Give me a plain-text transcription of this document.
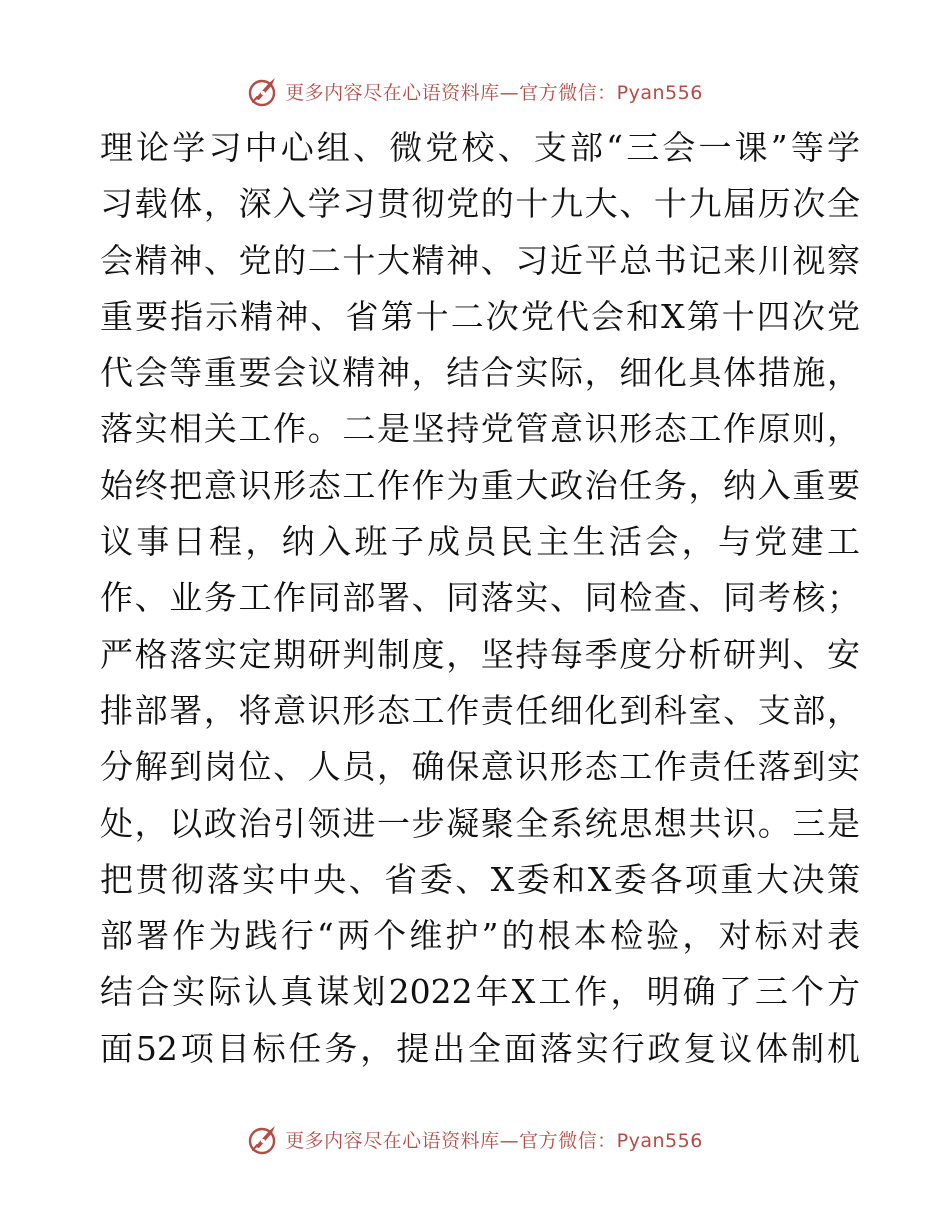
更多内容尽在心语资料库—官方微信：Pyan556
理论学习中心组、微党校、支部“三会一课”等学
习载体，深入学习贯彻党的十九大、十九届历次全
会精神、党的二十大精神、习近平总书记来川视察
重要指示精神、省第十二次党代会和X第十四次党
代会等重要会议精神，结合实际，细化具体措施，
落实相关工作。二是坚持党管意识形态工作原则，
始终把意识形态工作作为重大政治任务，纳入重要
议事日程，纳入班子成员民主生活会，与党建工
作、业务工作同部署、同落实、同检查、同考核；
严格落实定期研判制度，坚持每季度分析研判、安
排部署，将意识形态工作责任细化到科室、支部，
分解到岗位、人员，确保意识形态工作责任落到实
处，以政治引领进一步凝聚全系统思想共识。三是
把贯彻落实中央、省委、X委和X委各项重大决策
部署作为践行“两个维护”的根本检验，对标对表
结合实际认真谋划2022年X工作，明确了三个方
面52项目标任务，提出全面落实行政复议体制机
更多内容尽在心语资料库—官方微信：Pyan556
